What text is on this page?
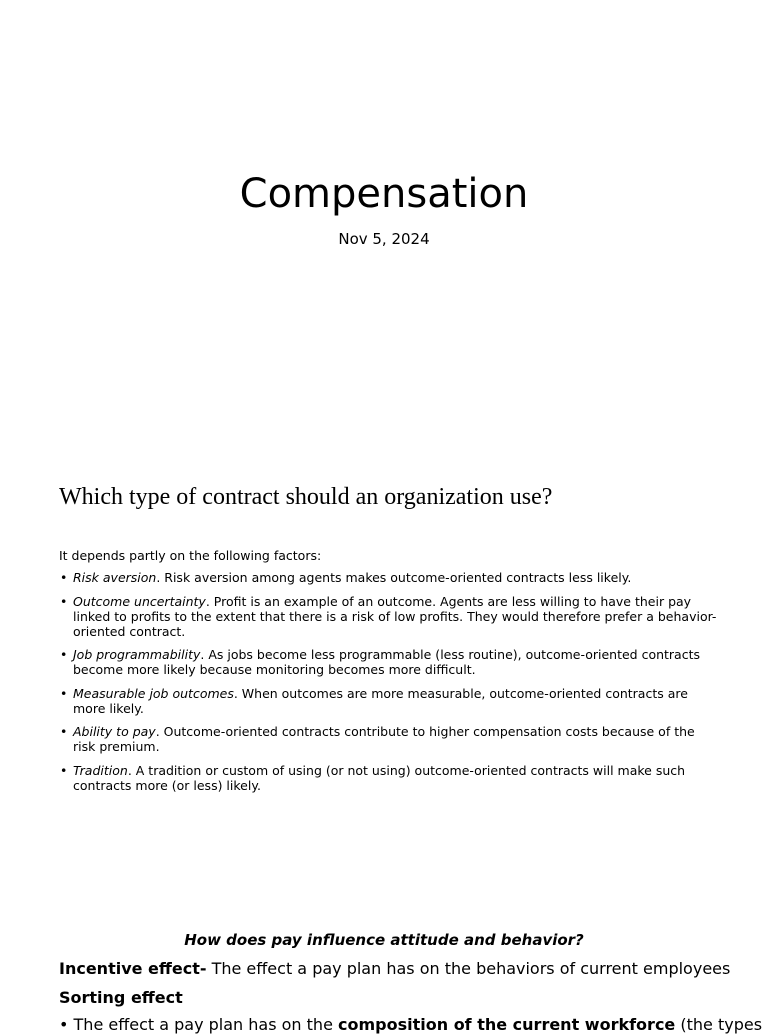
Compensation
Nov 5, 2024
Which type of contract should an organization use?

It depends partly on the following factors:

• Risk aversion. Risk aversion among agents makes outcome-oriented contracts less likely.
• Outcome uncertainty. Profit is an example of an outcome. Agents are less willing to have their pay linked to profits to the extent that there is a risk of low profits. They would therefore prefer a behavior-oriented contract.
• Job programmability. As jobs become less programmable (less routine), outcome-oriented contracts become more likely because monitoring becomes more difficult.
• Measurable job outcomes. When outcomes are more measurable, outcome-oriented contracts are more likely.
• Ability to pay. Outcome-oriented contracts contribute to higher compensation costs because of the risk premium.
• Tradition. A tradition or custom of using (or not using) outcome-oriented contracts will make such contracts more (or less) likely.
How does pay influence attitude and behavior?
Incentive effect- The effect a pay plan has on the behaviors of current employees
Sorting effect
• The effect a pay plan has on the composition of the current workforce (the types
